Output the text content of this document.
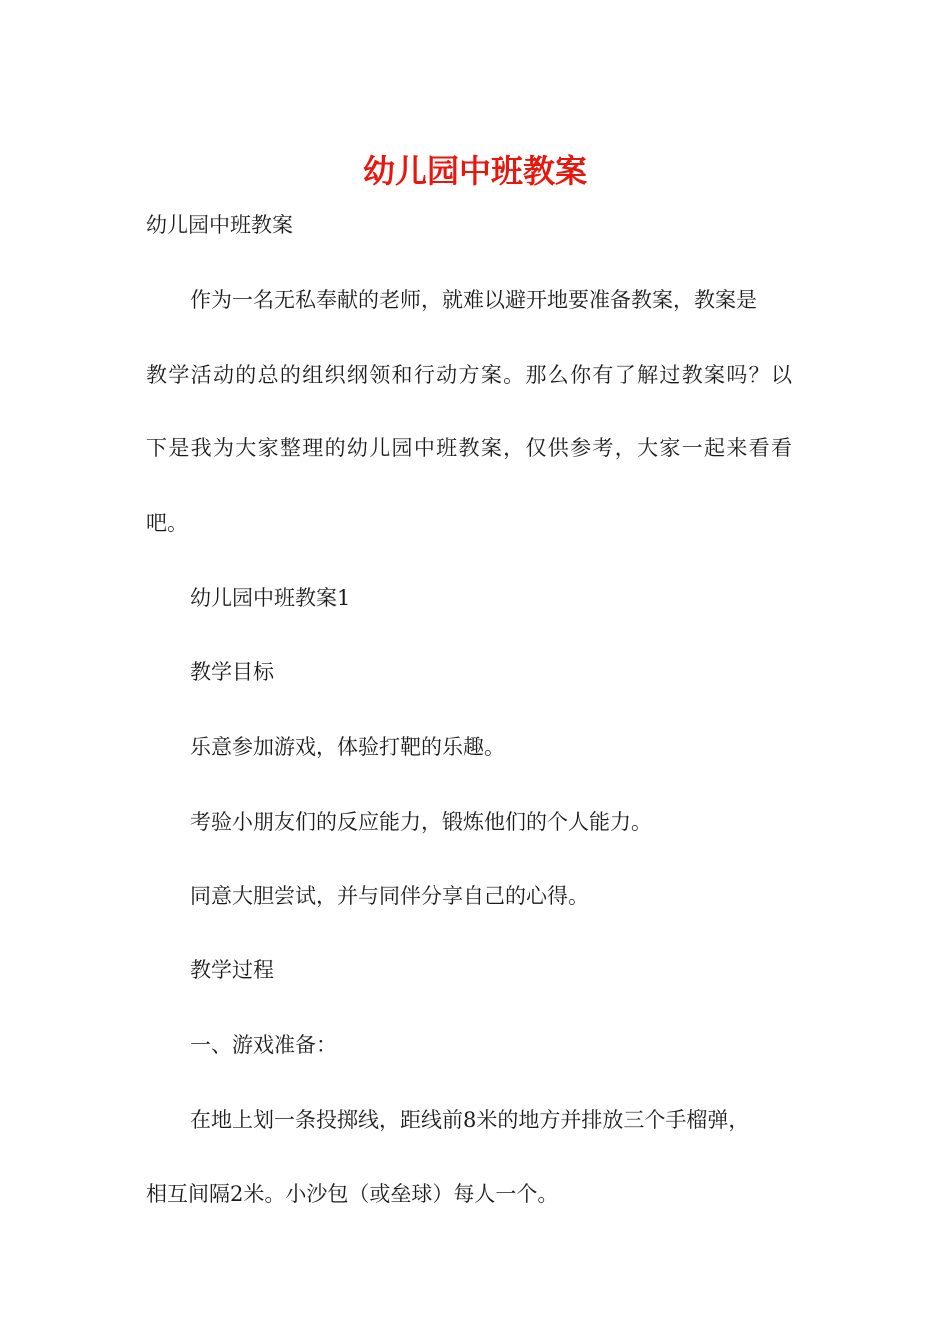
幼儿园中班教案

幼儿园中班教案

作为一名无私奉献的老师，就难以避开地要准备教案，教案是

教学活动的总的组织纲领和行动方案。那么你有了解过教案吗？以

下是我为大家整理的幼儿园中班教案，仅供参考，大家一起来看看

吧。

幼儿园中班教案1

教学目标

乐意参加游戏，体验打靶的乐趣。

考验小朋友们的反应能力，锻炼他们的个人能力。

同意大胆尝试，并与同伴分享自己的心得。

教学过程

一、游戏准备：

在地上划一条投掷线，距线前8米的地方并排放三个手榴弹，

相互间隔2米。小沙包（或垒球）每人一个。
